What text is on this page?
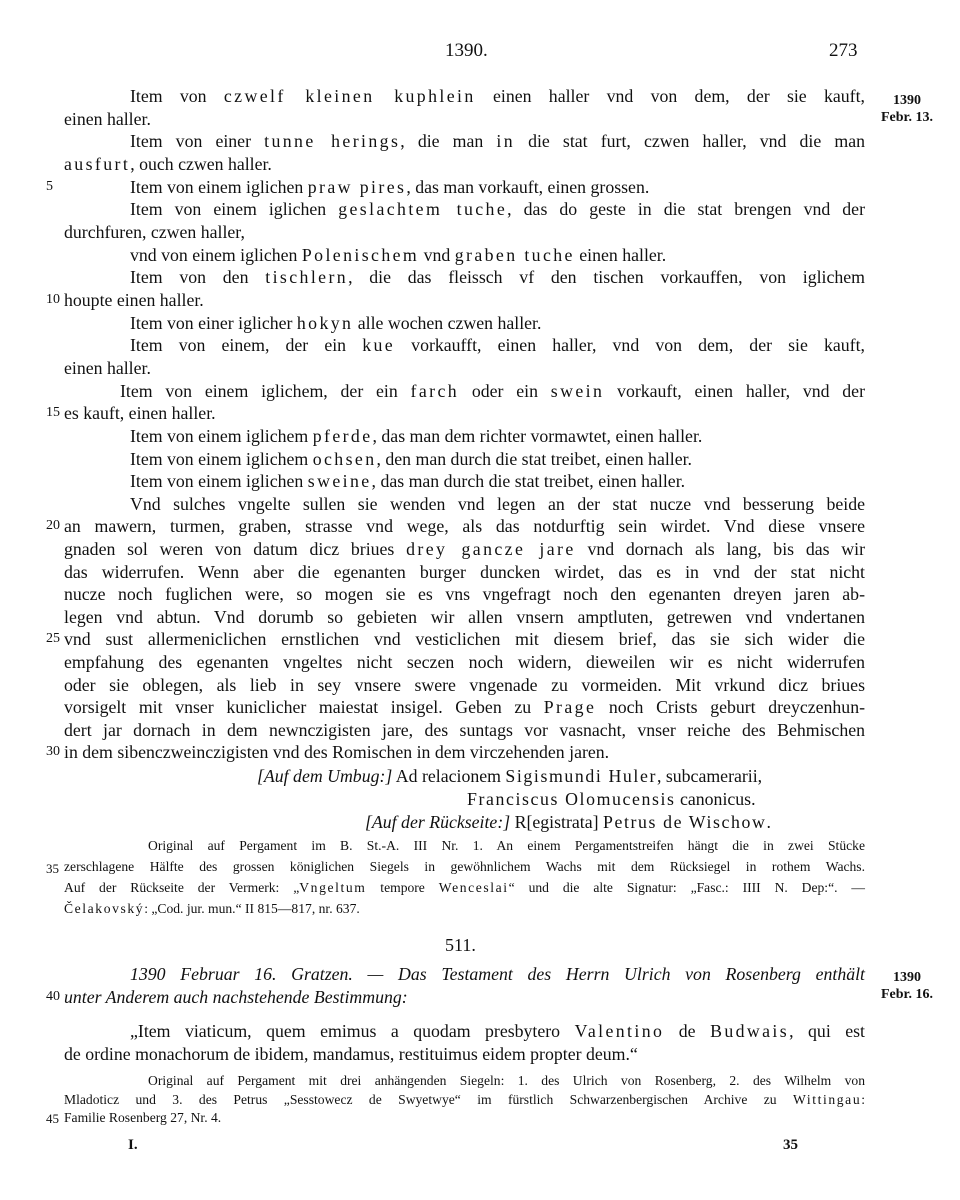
1390.	273
1390
Febr. 13.
1390
Febr. 16.
5
10
15
20
25
30
35
40
45
Item von czwelf kleinen kuphlein einen haller vnd von dem, der sie kauft,
einen haller.
Item von einer tunne herings, die man in die stat furt, czwen haller, vnd die man
ausfurt, ouch czwen haller.
Item von einem iglichen praw pires, das man vorkauft, einen grossen.
Item von einem iglichen geslachtem tuche, das do geste in die stat brengen vnd der
durchfuren, czwen haller,
vnd von einem iglichen Polenischem vnd graben tuche einen haller.
Item von den tischlern, die das fleissch vf den tischen vorkauffen, von iglichem
houpte einen haller.
Item von einer iglicher hokyn alle wochen czwen haller.
Item von einem, der ein kue vorkaufft, einen haller, vnd von dem, der sie kauft,
einen haller.
Item von einem iglichem, der ein farch oder ein swein vorkauft, einen haller, vnd der
es kauft, einen haller.
Item von einem iglichem pferde, das man dem richter vormawtet, einen haller.
Item von einem iglichem ochsen, den man durch die stat treibet, einen haller.
Item von einem iglichen sweine, das man durch die stat treibet, einen haller.
Vnd sulches vngelte sullen sie wenden vnd legen an der stat nucze vnd besserung beide
an mawern, turmen, graben, strasse vnd wege, als das notdurftig sein wirdet. Vnd diese vnsere
gnaden sol weren von datum dicz briues drey gancze jare vnd dornach als lang, bis das wir
das widerrufen. Wenn aber die egenanten burger duncken wirdet, das es in vnd der stat nicht
nucze noch fuglichen were, so mogen sie es vns vngefragt noch den egenanten dreyen jaren ab-
legen vnd abtun. Vnd dorumb so gebieten wir allen vnsern amptluten, getrewen vnd vndertanen
vnd sust allermeniclichen ernstlichen vnd vesticlichen mit diesem brief, das sie sich wider die
empfahung des egenanten vngeltes nicht seczen noch widern, dieweilen wir es nicht widerrufen
oder sie oblegen, als lieb in sey vnsere swere vngenade zu vormeiden. Mit vrkund dicz briues
vorsigelt mit vnser kuniclicher maiestat insigel. Geben zu Prage noch Crists geburt dreyczenhun-
dert jar dornach in dem newnczigisten jare, des suntags vor vasnacht, vnser reiche des Behmischen
in dem sibenczweinczigisten vnd des Romischen in dem virczehenden jaren.
[Auf dem Umbug:] Ad relacionem Sigismundi Huler, subcamerarii,
Franciscus Olomucensis canonicus.
[Auf der Rückseite:] R[egistrata] Petrus de Wischow.
Original auf Pergament im B. St.-A. III Nr. 1. An einem Pergamentstreifen hängt die in zwei Stücke
zerschlagene Hälfte des grossen königlichen Siegels in gewöhnlichem Wachs mit dem Rücksiegel in rothem Wachs.
Auf der Rückseite der Vermerk: „Vngeltum tempore Wenceslai“ und die alte Signatur: „Fasc.: IIII N. Dep:“. —
Čelakovský: „Cod. jur. mun.“ II 815—817, nr. 637.
511.
1390 Februar 16. Gratzen. — Das Testament des Herrn Ulrich von Rosenberg enthält
unter Anderem auch nachstehende Bestimmung:
„Item viaticum, quem emimus a quodam presbytero Valentino de Budwais, qui est
de ordine monachorum de ibidem, mandamus, restituimus eidem propter deum.“
Original auf Pergament mit drei anhängenden Siegeln: 1. des Ulrich von Rosenberg, 2. des Wilhelm von
Mladoticz und 3. des Petrus „Sesstowecz de Swyetwye“ im fürstlich Schwarzenbergischen Archive zu Wittingau:
Familie Rosenberg 27, Nr. 4.
I.	35
